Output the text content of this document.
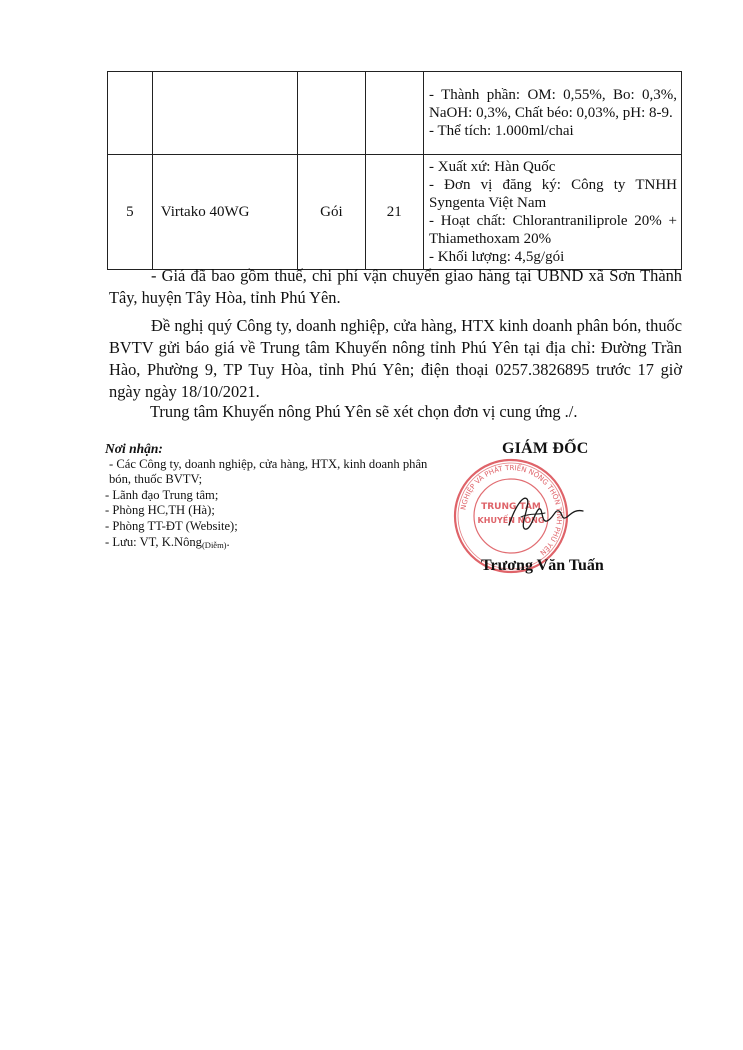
				- Thành phần: OM: 0,55%, Bo: 0,3%, NaOH: 0,3%, Chất béo: 0,03%, pH: 8-9.
- Thể tích: 1.000ml/chai

5	Virtako 40WG	Gói	21	- Xuất xứ: Hàn Quốc
- Đơn vị đăng ký: Công ty TNHH Syngenta Việt Nam
- Hoạt chất: Chlorantraniliprole 20% + Thiamethoxam 20%
- Khối lượng: 4,5g/gói

- Giá đã bao gồm thuế, chi phí vận chuyển giao hàng tại UBND xã Sơn Thành Tây, huyện Tây Hòa, tỉnh Phú Yên.

Đề nghị quý Công ty, doanh nghiệp, cửa hàng, HTX kinh doanh phân bón, thuốc BVTV gửi báo giá về Trung tâm Khuyến nông tỉnh Phú Yên tại địa chỉ: Đường Trần Hào, Phường 9, TP Tuy Hòa, tỉnh Phú Yên; điện thoại 0257.3826895 trước 17 giờ ngày ngày 18/10/2021.

Trung tâm Khuyến nông Phú Yên sẽ xét chọn đơn vị cung ứng ./.

Nơi nhận:
- Các Công ty, doanh nghiệp, cửa hàng, HTX, kinh doanh phân bón, thuốc BVTV;
- Lãnh đạo Trung tâm;
- Phòng HC,TH (Hà);
- Phòng TT-ĐT (Website);
- Lưu: VT, K.Nông$_{(Diễm)}$.
GIÁM ĐỐC
NGHIỆP VÀ PHÁT TRIỂN NÔNG THÔN TỈNH PHÚ YÊN
TRUNG TÂM
KHUYẾN NÔNG
Trương Văn Tuấn
